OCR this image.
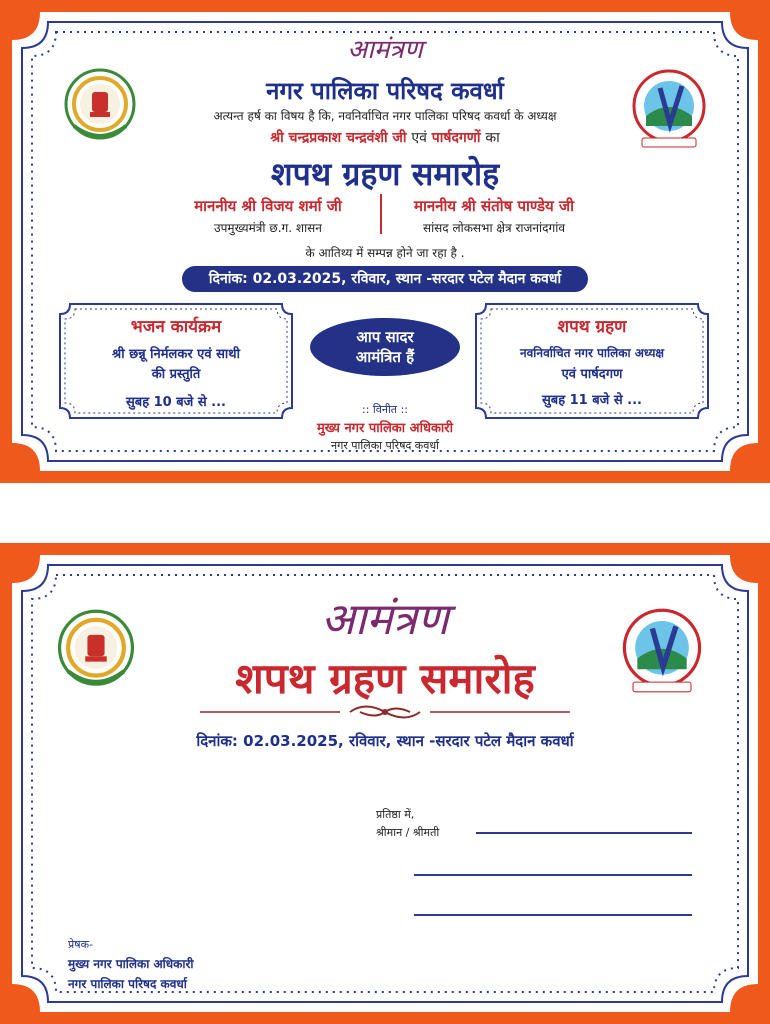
आमंत्रण
नगर पालिका परिषद कवर्धा
अत्यन्त हर्ष का विषय है कि, नवनिर्वाचित नगर पालिका परिषद कवर्धा के अध्यक्ष
श्री चन्द्रप्रकाश चन्द्रवंशी जी एवं पार्षदगणों का
शपथ ग्रहण समारोह
माननीय श्री विजय शर्मा जी
उपमुख्यमंत्री छ.ग. शासन
माननीय श्री संतोष पाण्डेय जी
सांसद लोकसभा क्षेत्र राजनांदगांव
के आतिथ्य में सम्पन्न होने जा रहा है .
दिनांक: 02.03.2025, रविवार, स्थान -सरदार पटेल मैदान कवर्धा
भजन कार्यक्रम
श्री छन्नू निर्मलकर एवं साथी
की प्रस्तुति
सुबह 10 बजे से ...
आप सादर
आमंत्रित हैं
शपथ ग्रहण
नवनिर्वाचित नगर पालिका अध्यक्ष
एवं पार्षदगण
सुबह 11 बजे से ...
:: विनीत ::
मुख्य नगर पालिका अधिकारी
नगर पालिका परिषद कवर्धा
आमंत्रण
शपथ ग्रहण समारोह
दिनांक: 02.03.2025, रविवार, स्थान -सरदार पटेल मैदान कवर्धा
प्रतिष्ठा में,
श्रीमान / श्रीमती
प्रेषक-
मुख्य नगर पालिका अधिकारी
नगर पालिका परिषद कवर्धा
